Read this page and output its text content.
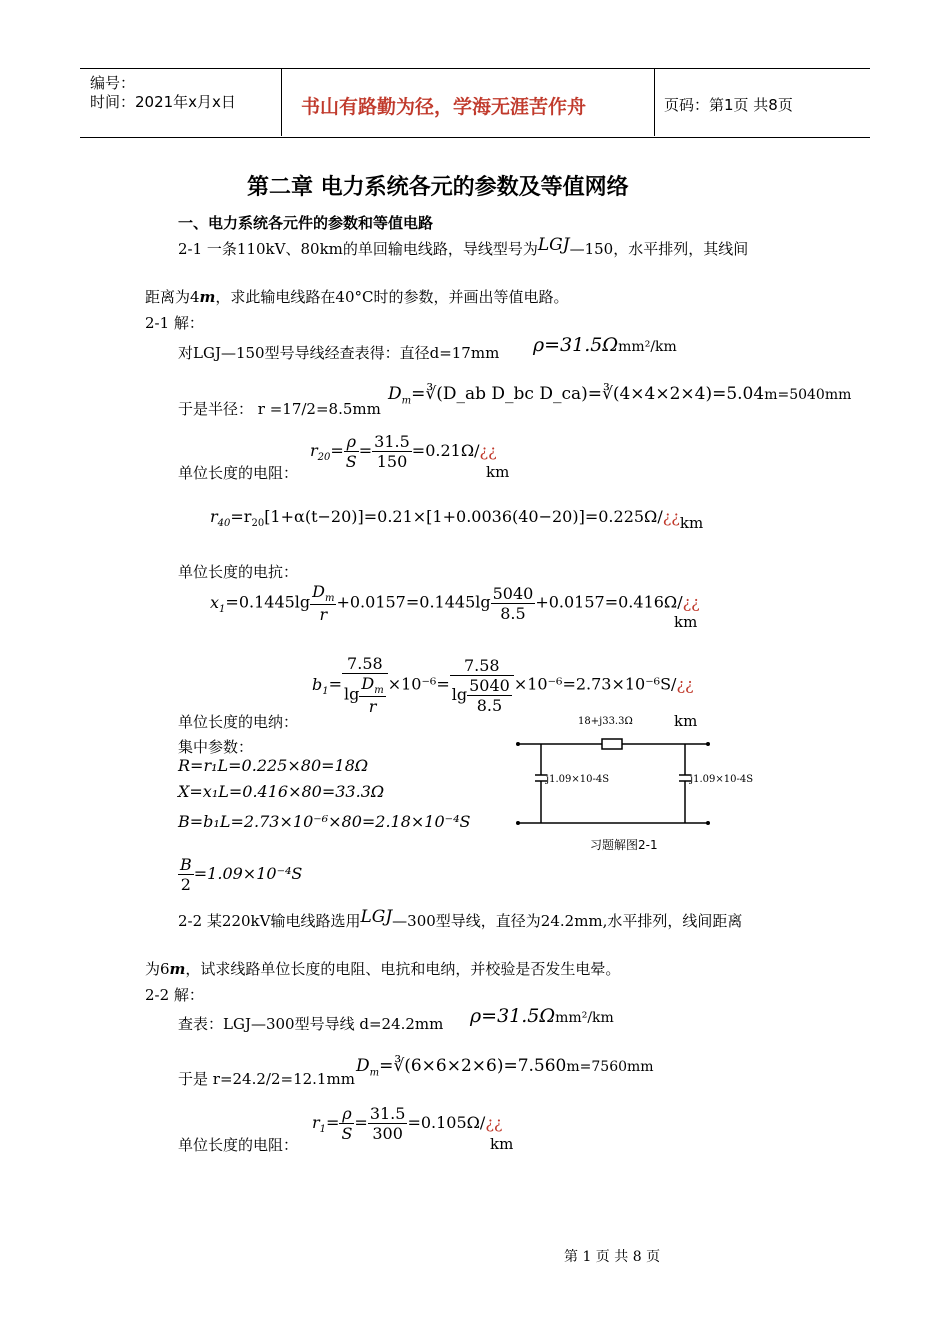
编号：
时间：2021年x月x日	书山有路勤为径，学海无涯苦作舟	页码：第1页 共8页
第二章 电力系统各元的参数及等值网络
一、电力系统各元件的参数和等值电路
2-1 一条110kV、80km的单回输电线路，导线型号为LGJ—150，水平排列，其线间
距离为4m，求此输电线路在40°C时的参数，并画出等值电路。
2-1 解：
对LGJ—150型号导线经查表得：直径d=17mm ρ=31.5Ωmm²/km
于是半径： r =17/2=8.5mm
$D_m=∛(D\_ab$ D_bc D_ca)=∛(4×4×2×4)=5.04m=5040mm
单位长度的电阻：
$r_{20}= \frac{\rho}{S} = \frac{31.5}{150}$ =0.21Ω/¿¿
km
$r_{40}=r_{20}[1+\alpha(t-20)]=0.21\times[1+0.0036(40-20)]=0.225\Omega/¿¿km$
单位长度的电抗：
$x_1=0.1445\lg \frac{D_m}{r} +0.0157=0.1445\lg \frac{5040}{8.5}$ +0.0157=0.416Ω/¿¿
km
$b_1= \frac{7.58}{\lg \frac{D_m}{r}} \times 10^{-6}= \frac{7.58}{\lg \frac{5040}{8.5}}$ ×10⁻⁶=2.73×10⁻⁶S/¿¿
单位长度的电纳：	km
集中参数：
R=r₁L=0.225×80=18Ω
X=x₁L=0.416×80=33.3Ω
B=b₁L=2.73×10⁻⁶×80=2.18×10⁻⁴S
$\frac{B}{2} =1.09\times 10^{-4}S$
18+j33.3Ω
j1.09×10-4S	j1.09×10-4S
习题解图2-1
2-2 某220kV输电线路选用LGJ—300型导线，直径为24.2mm,水平排列，线间距离
为6m，试求线路单位长度的电阻、电抗和电纳，并校验是否发生电晕。
2-2 解：
查表：LGJ—300型号导线 d=24.2mm ρ=31.5Ωmm²/km
于是 r=24.2/2=12.1mm
$D_m=∛(6\times 6\times 2\times 6)=7.560m=7560mm$
单位长度的电阻：
$r_1= \frac{\rho}{S} = \frac{31.5}{300}$ =0.105Ω/¿¿
km
第 1 页 共 8 页
